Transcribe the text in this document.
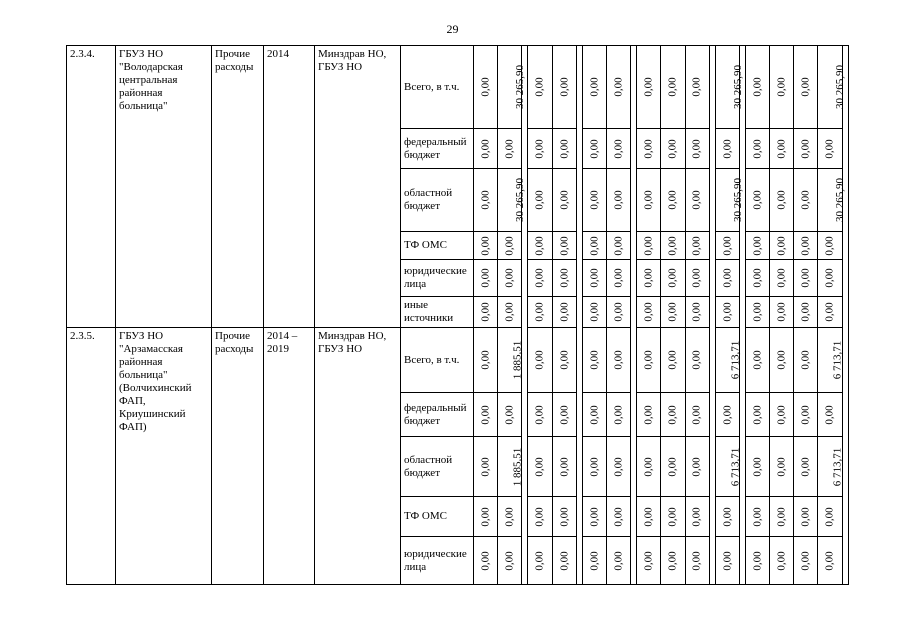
29
2.3.4.	ГБУЗ НО "Володарская центральная районная больница"	Прочие расходы	2014	Минздрав НО, ГБУЗ НО	Всего, в т.ч.	0,00	30 265,90		0,00	0,00		0,00	0,00		0,00	0,00	0,00		30 265,90		0,00	0,00	0,00	30 265,90	
					федеральный бюджет	0,00	0,00		0,00	0,00		0,00	0,00		0,00	0,00	0,00		0,00		0,00	0,00	0,00	0,00	
					областной бюджет	0,00	30 265,90		0,00	0,00		0,00	0,00		0,00	0,00	0,00		30 265,90		0,00	0,00	0,00	30 265,90	
					ТФ ОМС	0,00	0,00		0,00	0,00		0,00	0,00		0,00	0,00	0,00		0,00		0,00	0,00	0,00	0,00	
					юридические лица	0,00	0,00		0,00	0,00		0,00	0,00		0,00	0,00	0,00		0,00		0,00	0,00	0,00	0,00	
					иные источники	0,00	0,00		0,00	0,00		0,00	0,00		0,00	0,00	0,00		0,00		0,00	0,00	0,00	0,00	
2.3.5.	ГБУЗ НО "Арзамасская районная больница" (Волчихинский ФАП, Криушинский ФАП)	Прочие расходы	2014 – 2019	Минздрав НО, ГБУЗ НО	Всего, в т.ч.	0,00	1 885,51		0,00	0,00		0,00	0,00		0,00	0,00	0,00		6 713,71		0,00	0,00	0,00	6 713,71	
					федеральный бюджет	0,00	0,00		0,00	0,00		0,00	0,00		0,00	0,00	0,00		0,00		0,00	0,00	0,00	0,00	
					областной бюджет	0,00	1 885,51		0,00	0,00		0,00	0,00		0,00	0,00	0,00		6 713,71		0,00	0,00	0,00	6 713,71	
					ТФ ОМС	0,00	0,00		0,00	0,00		0,00	0,00		0,00	0,00	0,00		0,00		0,00	0,00	0,00	0,00	
					юридические лица	0,00	0,00		0,00	0,00		0,00	0,00		0,00	0,00	0,00		0,00		0,00	0,00	0,00	0,00	
